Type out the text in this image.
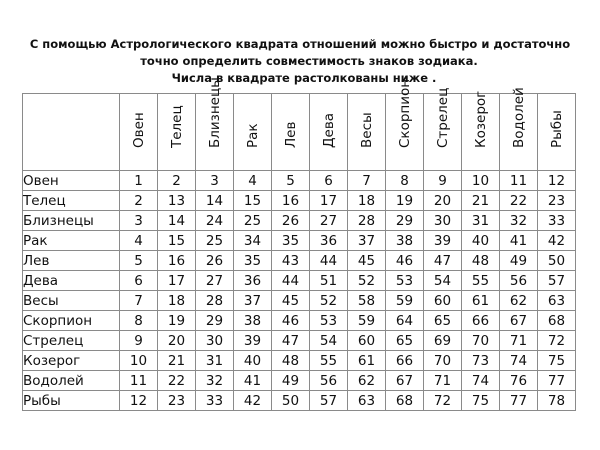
С помощью Астрологического квадрата отношений можно быстро и достаточно
точно определить совместимость знаков зодиака.
Числа в квадрате растолкованы ниже .

	Овен	Телец	Близнецы	Рак	Лев	Дева	Весы	Скорпион	Стрелец	Козерог	Водолей	Рыбы

Овен	1	2	3	4	5	6	7	8	9	10	11	12
Телец	2	13	14	15	16	17	18	19	20	21	22	23
Близнецы	3	14	24	25	26	27	28	29	30	31	32	33
Рак	4	15	25	34	35	36	37	38	39	40	41	42
Лев	5	16	26	35	43	44	45	46	47	48	49	50
Дева	6	17	27	36	44	51	52	53	54	55	56	57
Весы	7	18	28	37	45	52	58	59	60	61	62	63
Скорпион	8	19	29	38	46	53	59	64	65	66	67	68
Стрелец	9	20	30	39	47	54	60	65	69	70	71	72
Козерог	10	21	31	40	48	55	61	66	70	73	74	75
Водолей	11	22	32	41	49	56	62	67	71	74	76	77
Рыбы	12	23	33	42	50	57	63	68	72	75	77	78
